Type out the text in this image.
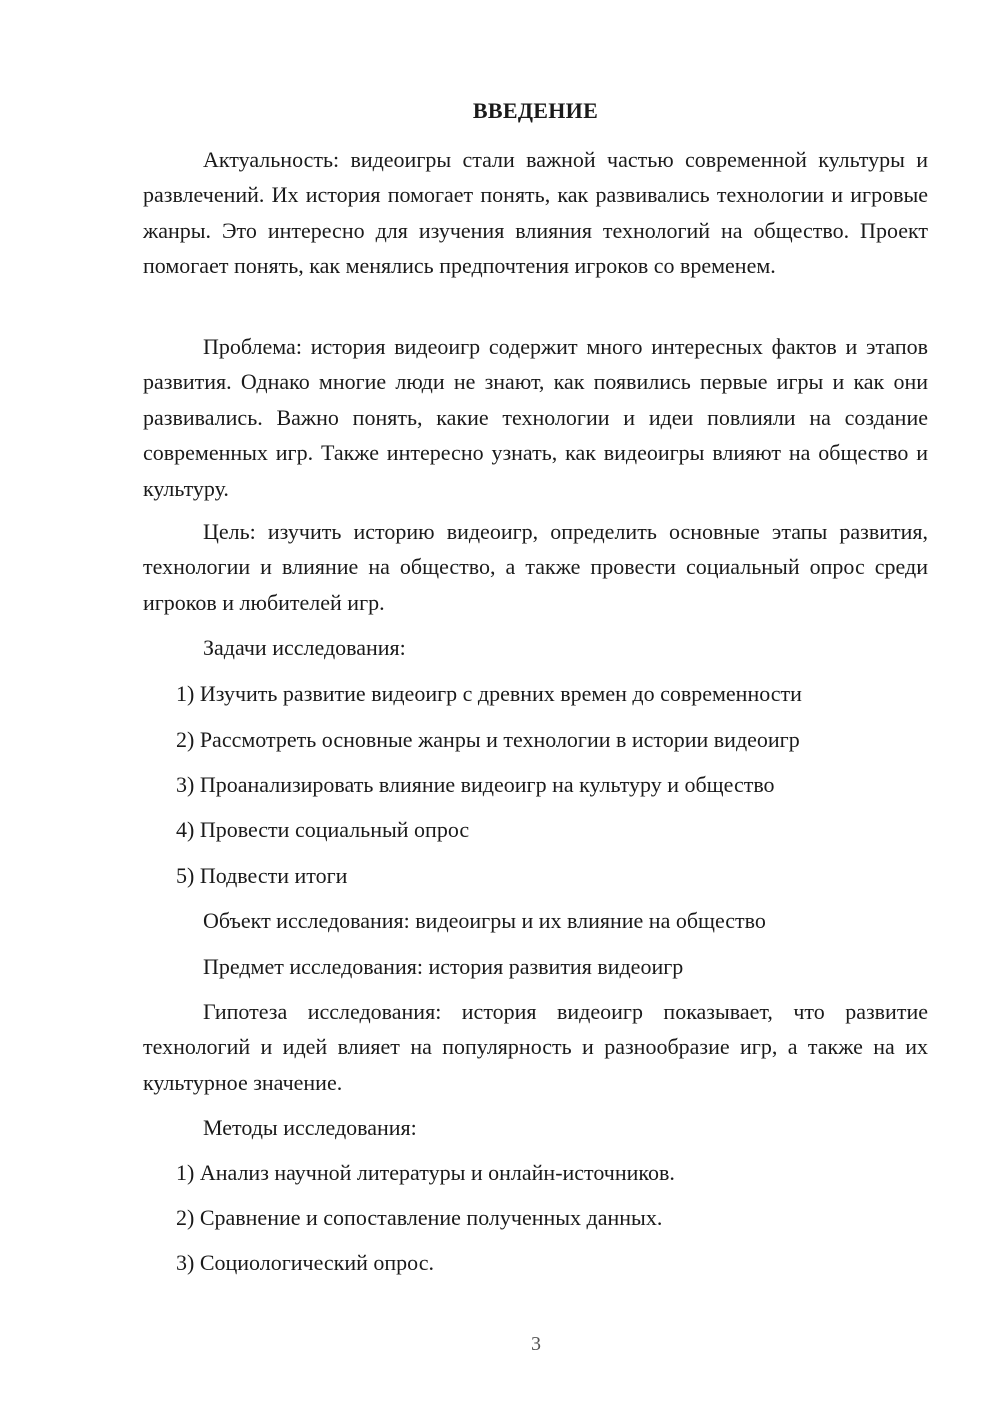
ВВЕДЕНИЕ

Актуальность: видеоигры стали важной частью современной культуры и развлечений. Их история помогает понять, как развивались технологии и игровые жанры. Это интересно для изучения влияния технологий на общество. Проект помогает понять, как менялись предпочтения игроков со временем.

Проблема: история видеоигр содержит много интересных фактов и этапов развития. Однако многие люди не знают, как появились первые игры и как они развивались. Важно понять, какие технологии и идеи повлияли на создание современных игр. Также интересно узнать, как видеоигры влияют на общество и культуру.

Цель: изучить историю видеоигр, определить основные этапы развития, технологии и влияние на общество, а также провести социальный опрос среди игроков и любителей игр.

Задачи исследования:

1) Изучить развитие видеоигр с древних времен до современности

2) Рассмотреть основные жанры и технологии в истории видеоигр

3) Проанализировать влияние видеоигр на культуру и общество

4) Провести социальный опрос

5) Подвести итоги

Объект исследования: видеоигры и их влияние на общество

Предмет исследования: история развития видеоигр

Гипотеза исследования: история видеоигр показывает, что развитие технологий и идей влияет на популярность и разнообразие игр, а также на их культурное значение.

Методы исследования:

1) Анализ научной литературы и онлайн-источников.

2) Сравнение и сопоставление полученных данных.

3) Социологический опрос.

3
